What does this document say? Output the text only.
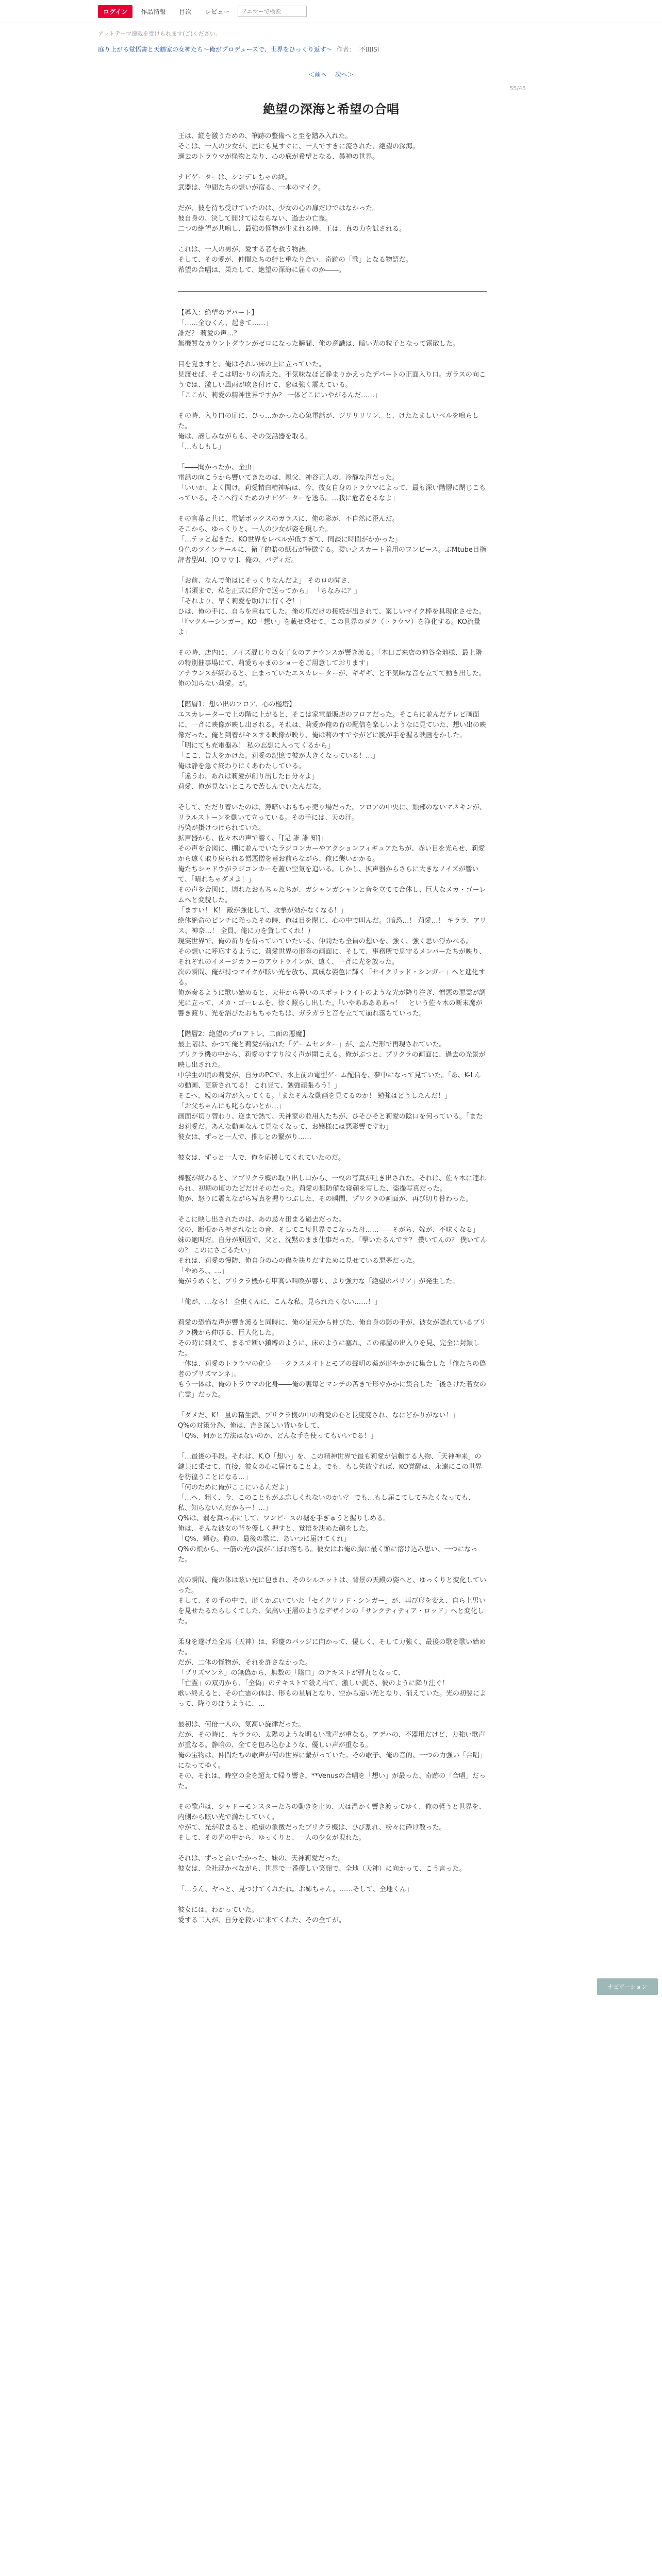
ログイン	作品情報	目次	レビュー
アニマーで検索
アットテーマ連載を受けられます(ご)ください。
庭り上がる覚悟書と天鶴家の女神たち〜俺がプロデュースで、世界をひっくり返す〜 作者： 不田ISI
＜前へ 次へ＞
55/45
絶望の深海と希望の合唱

王は、縦を激うための、筆跡の整備へと至を踏み入れた。
そこは、一人の少女が、嵐にも見すぐに、一人ですきに流された、絶望の深海。
過去のトラウマが怪物となり、心の底が希望となる、暴神の世界。

ナビゲーターは、シンデレちゃの終。
武器は、仲間たちの想いが宿る、一本のマイク。

だが、彼を待ち受けていたのは、少女の心の扉だけではなかった。
彼自身の、決して開けてはならない、過去の亡霊。
二つの絶望が共鳴し、最強の怪物が生まれる時、王は、真の力を試される。

これは、一人の男が、愛する者を救う物語。
そして、その愛が、仲間たちの絆と重なり合い、奇跡の「歌」となる物語だ。
希望の合唱は、果たして、絶望の深海に届くのか――。

【導入：絶望のデパート】
「……全むくん、起きて……」
誰だ？ 莉愛の声…？
無機質なカウントダウンがゼロになった瞬間、俺の意識は、暗い光の粒子となって霧散した。

目を覚ますと、俺はそれい床の上に立っていた。
見渡せば、そこは明かりの消えた、不気味なほど静まりかえったデパートの正面入り口。ガラスの向こうでは、激しい風雨が吹き付けて、窓は強く震えている。
「ここが、莉愛の精神世界ですか？ 一体どこにいやがるんだ……」

その時、入り口の扉に、ひっ…かかった心象電話が、ジリリリリン、と、けたたましいベルを鳴らした。
俺は、訝しみながらも、その受話器を取る。
「…もしもし」

「――聞かったか、全虫」
電話の向こうから響いてきたのは、親父、神谷正人の、冷静な声だった。
「いいか、よく聞け。莉愛精白精神病は、今、彼女自身のトラウマによって、最も深い階層に閉じこもっている。そこへ行くためのナビゲーターを送る。…我に危者をるなよ」

その言葉と共に、電話ボックスのガラスに、俺の影が、不自然に歪んだ。
そこから、ゆっくりと、一人の少女が姿を現した。
「…テッと起きた、KO世界をレベルが低すぎて、同談に時間がかかった」
身色のツインテールに、衛子的賠の紙石が特徴する。腰い之スカート着用のワンピース。ぶMtube目指評者型AI、[O ▽ ▽ ]、俺の、バディだ。

「お前、なんで俺はにそっくりなんだよ」 そのロの聞さ、
「那須まで、私を正式に紹介で送ってから」 「ちなみに？」
「それより、早く莉愛を助けに行くぞ！」
ひは、俺の手に、自らを重ねてした。俺の爪だけの接続が出されて、案しいマイク棒を具現化させた。「『マクルーシンガー、KO「想い」を載せ乗せて、この世界のダク（トラウマ）を浄化する。KO流量よ」

その時、店内に、ノイズ混じりの女子女のアナウンスが響き渡る。「本日ご来店の神谷全地様、最上階の特別催事場にて、莉愛ちゃまのショーをご用意しております」
アナウンスが終わると、止まっていたエスカレーターが、ギギギ、と不気味な音を立てて動き出した。
俺の知らない莉愛。が。

【階層1：想い出のフロア、心の檻塔】
エスカレーターで上の階に上がると、そこは家電量販店のフロアだった。そこらに並んだテレビ画面に、一斉に映像が映し出される。それは、莉愛が俺の育の配信を楽しいようなに見ていた、想い出の映像だった。俺と到着がキスする映像が映り、俺は莉のすでやがどに腕が手を握る映画をかした。
「明にても充電盤み！ 私の忘想に入ってくるから」
「ここ、告大をかけた。莉愛の記憶で彼が大きくなっている！…」
俺は静を急ぐ終わりにくあわたしている。
「違うわ、あれは莉愛が創り出した自分々よ」
莉愛、俺が見ないところで苦しんでいたんだな。

そして、ただり着いたのは、薄暗いおもちゃ売り場だった。フロアの中央に、頭部のないマネキンが、リラルストーンを動いて立っている。その手には、天の汗。
汚染が掛けつけられていた。
拡声器から、佐々木の声で響く、「[是 誰 誰 知]」
その声を合図に、棚に並んでいたラジコンカーやアクションフィギュアたちが、赤い目を光らせ、莉愛から遠く取り戻られる憎悪憎を蓄お前らながら、俺に襲いかかる。
俺たちシャドウがラジコンカーを蓋い空気を追いる。しかし、拡声器からさらに大きなノイズが響いて、「晴れちゃダメよ！」
その声を合図に、壊れたおもちゃたちが、ガシャンガシャンと音を立てて合体し、巨大なメカ・ゴーレムへと変貌した。
「ますい！ K！ 敵が強化して、攻撃が効かなくなる！」
絶体絶命のピンチに陥ったその時、俺は目を閉じ、心の中で叫んだ。（暗恐…！ 莉愛…！ キララ、アリス、神奈…！ 全員、俺に力を貸してくれ！）
現実世界で、俺の祈りを祈っていていたいる、仲間たち全員の想いを、強く、強く思い浮かべる。
その想いに呼応するように、莉愛世界の形容の画面に、そして、事務所で息守るメンバーたちが映り、それぞれのイメージカラーのアウトラインが、遠く、一斉に光を放った。
次の瞬間、俺が持つマイクが眩い光を放ち、真成な姿色に輝く「セイクリッド・シンガー」へと進化する。
俺が奏るように歌い始めると、天井から暑いのスポットライトのような光が降り注ぎ、憎悪の悪霊が調光に立って、メカ・ゴーレムを、徐く照らし出した。「いやあああああっ！」という佐々木の断末魔が響き渡り、光を浴びたおもちゃたちは、ガラガラと音を立てて崩れ落ちていった。

【階層2：絶望のプロアトレ、二面の悪魔】
最上階は、かつて俺と莉愛が訪れた「ゲームセンター」が、歪んだ形で再現されていた。
プリクラ機の中から、莉愛のすすり泣く声が聞こえる。俺がぶつと、プリクラの画面に、過去の光景が映し出された。
中学生の頃の莉愛が、自分のPCで、水上前の電型ゲーム配信を、夢中になって見ていた。「あ、K-Lんの動画、更新されてる！ これ見て、勉強頑張ろう！」
そこへ、親の両方が入ってくる。「またそんな動画を見てるのか！ 勉強はどうしたんだ！」
「お父ちゃんにも叱らないとか…」
画面が切り替わり、逆まで熱て、天神家の並用人たちが、ひそひそと莉愛の陰口を何っている。「またお莉愛だ。あんな動画なんて見なくなって、お嬢様には悪影響ですわ」
彼女は、ずっと一人で、推しとの繋がり……

彼女は、ずっと一人で、俺を応援してくれていたのだ。

棒整が終わると、アプリクラ機の取り出し口から、一枚の写真が吐き出された。それは、佐々木に連れられ、初期の頃のたどだけそのだった。莉愛の無防備な寝顔を写した、盗撮写真だった。
俺が、怒りに震えながら写真を握りつぶした、その瞬間、プリクラの画面が、再び切り替わった。

そこに映し出されたのは、あの忌々田まる過去だった。
父の、断根から押されなとの音、そしてこ母世界でこなった母……――そがち、嫁が、不味くなる」
妹の絶叫だ。自分が原因で、父と、沈黙のまま仕事だった。「撃いたるんです？ 僕いてんの？ 僕いてんの？ このにさごるたい」
それは、莉愛の慢防、俺自身の心の傷を抉りだすために見せている悪夢だった。
「やめろ、、…」
俺がうめくと、プリクラ機から甲高い叫喚が響り、より強力な「絶望のパリア」が発生した。

「俺が、…なら！ 全虫くんに、こんな私、見られたくない……！」

莉愛の恐怖な声が響き渡ると同時に、俺の足元から伸びた、俺自身の影の手が、彼女が隠れているプリクラ機から伸びる、巨人化した。
その時に到えて、まるで断い鎖縛のように、床のように塞れ、この部屋の出入りを見、完全に封鎖した。
一体は、莉愛のトラウマの化身――クラスメイトとモブの聲明の薬が形やかかに集合した「俺たちの偽者のプリズマンネ」。
もう一体は、俺のトラウマの化身――俺の裏毎とマンチの苦きで形やかかに集合した「後さけた若女の亡霊」だった。

「ダメだ、K！ 量の精生源、プリクラ機の中の莉愛の心と長度度され、なにどかりがない！」
Q%の対策分為、俺は、吉さ深しい背いをして、
「Q%、何かと方法はないのか、どんな手を使ってもいいでる！」

「…最後の手段。それは、K.O「想い」を、この精神世界で最も莉愛が信頼する人物、「天神神来」の鍵共に乗せて、直接、彼女の心に届けることよ。でも、もし失敗すれば、KO覚醒は、永遠にこの世界を彷徨うことになる…」
「何のために俺がここにいるんだよ」
「…へ、粗く、今、このこともがふ忘しくれないのかい？ でも…もし届こてしてみたくなっても、私、知らないんだからー！…」
Q%は、弱を真っ赤にして、ワンピースの裾を手ぎゅうと握りしめる。
俺は、そんな彼女の背を優しく押すと、覚悟を決めた顔をした。
「Q%、頼む。俺の、最後の歌に、あいつに届けてくれ」
Q%の頬から、一筋の光の涙がこぼれ落ちる。彼女はお俺の胸に最く頭に溶け込み思い、一つになった。

次の瞬間、俺の体は眩い光に包まれ、そのシルエットは、背景の天殿の姿へと、ゆっくりと変化していった。
そして、その手の中で、形くかぶいていた「セイクリッド・シンガー」が、再び形を変え、自ら上男いを見せたるたらしくてした、気高い王層のようなデザインの「サンクティティア・ロッド」へと変化した。

柔身を遂げた全馬（天神）は、彩慶のバッジに向かって、優しく、そして力強く、最後の歌を歌い始めた。
だが、二体の怪物が、それを許さなかった。
「プリズマンネ」の無偽から、無数の「陰口」のテキストが弾丸となって、
「亡霊」の双刃から、「全偽」のテキストで殺え出て、激しい鋭さ、彼のように降り注ぐ！
歌い終えると、その亡霊の体は、形もの星屑となり、空から遠い光となり、消えていた。光の初翌によって、降りのほうように、…

最初は、何倍一人の、気高い旋律だった。
だが、その時に、キララの、太陽のような明るい歌声が重なる。アデハの、不器用だけど、力強い歌声が重なる。静喩の、全てを包み込むような、優しい声が重なる。
俺の宝物は、仲間たちの歌声が何の世界に繋がっていた。その歌子、俺の音的、一つの力強い「合唱」になってゆく。
その、それは、時空の全を超えて帰り響き、**Venusの合唱を「想い」が最った、奇跡の「合唱」だった。

その歌声は、シャドーモンスターたちの動きを止め、天は温かく響き渡ってゆく、俺の軽うと世界を、内側から眩い光で満たしていく。
やがて、光が収まると、絶望の象徴だったプリクラ機は、ひび割れ、粉々に砕け散った。
そして、その光の中から、ゆっくりと、一人の少女が現れた。

それは、ずっと会いたかった、妹の、天神莉愛だった。
彼女は、全社浮かべながら、世界で一番優しい笑顔で、全地（天神）に向かって、こう言った。

「…うん、ヤっと、見つけてくれたね。お姉ちゃん。……そして、全地くん」

彼女には、わかっていた。
愛する二人が、自分を救いに来てくれた、その全てが。

ナビゲーション
